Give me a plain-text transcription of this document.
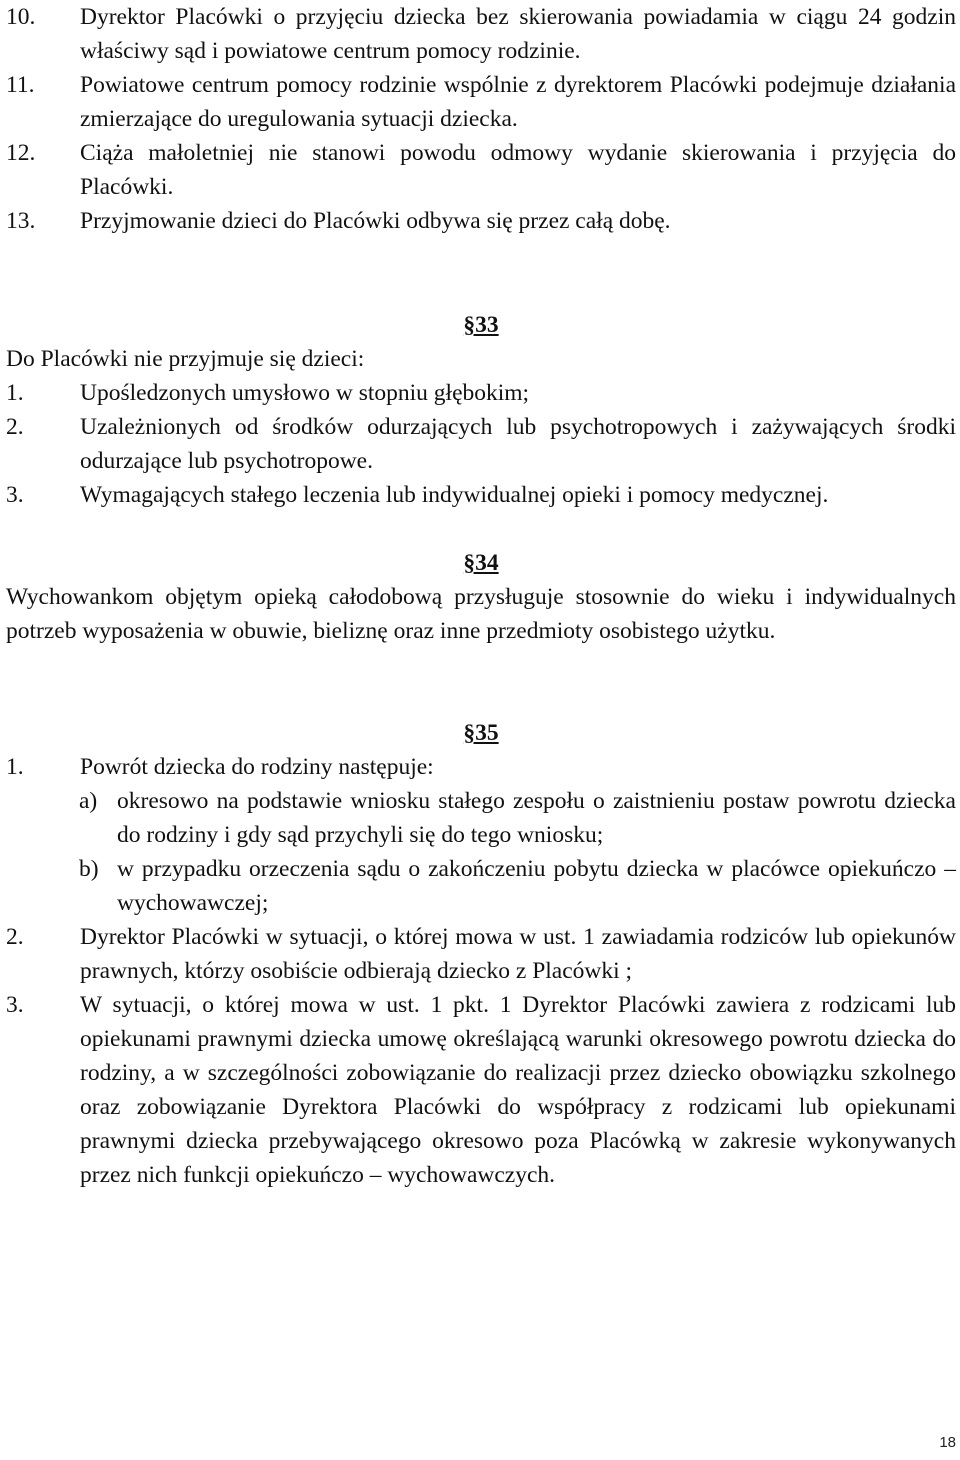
10. Dyrektor Placówki o przyjęciu dziecka bez skierowania powiadamia w ciągu 24 godzin właściwy sąd i powiatowe centrum pomocy rodzinie.
11. Powiatowe centrum pomocy rodzinie wspólnie z dyrektorem Placówki podejmuje działania zmierzające do uregulowania sytuacji dziecka.
12. Ciąża małoletniej nie stanowi powodu odmowy wydanie skierowania i przyjęcia do Placówki.
13. Przyjmowanie dzieci do Placówki odbywa się przez całą dobę.

§33

Do Placówki nie przyjmuje się dzieci:

1. Upośledzonych umysłowo w stopniu głębokim;
2. Uzależnionych od środków odurzających lub psychotropowych i zażywających środki odurzające lub psychotropowe.
3. Wymagających stałego leczenia lub indywidualnej opieki i pomocy medycznej.

§34

Wychowankom objętym opieką całodobową przysługuje stosownie do wieku i indywidualnych potrzeb wyposażenia w obuwie, bieliznę oraz inne przedmioty osobistego użytku.

§35

1. Powrót dziecka do rodziny następuje:
a) okresowo na podstawie wniosku stałego zespołu o zaistnieniu postaw powrotu dziecka do rodziny i gdy sąd przychyli się do tego wniosku;
b) w przypadku orzeczenia sądu o zakończeniu pobytu dziecka w placówce opiekuńczo – wychowawczej;
2. Dyrektor Placówki w sytuacji, o której mowa w ust. 1 zawiadamia rodziców lub opiekunów prawnych, którzy osobiście odbierają dziecko z Placówki ;
3. W sytuacji, o której mowa w ust. 1 pkt. 1 Dyrektor Placówki zawiera z rodzicami lub opiekunami prawnymi dziecka umowę określającą warunki okresowego powrotu dziecka do rodziny, a w szczególności zobowiązanie do realizacji przez dziecko obowiązku szkolnego oraz zobowiązanie Dyrektora Placówki do współpracy z rodzicami lub opiekunami prawnymi dziecka przebywającego okresowo poza Placówką w zakresie wykonywanych przez nich funkcji opiekuńczo – wychowawczych.
18
